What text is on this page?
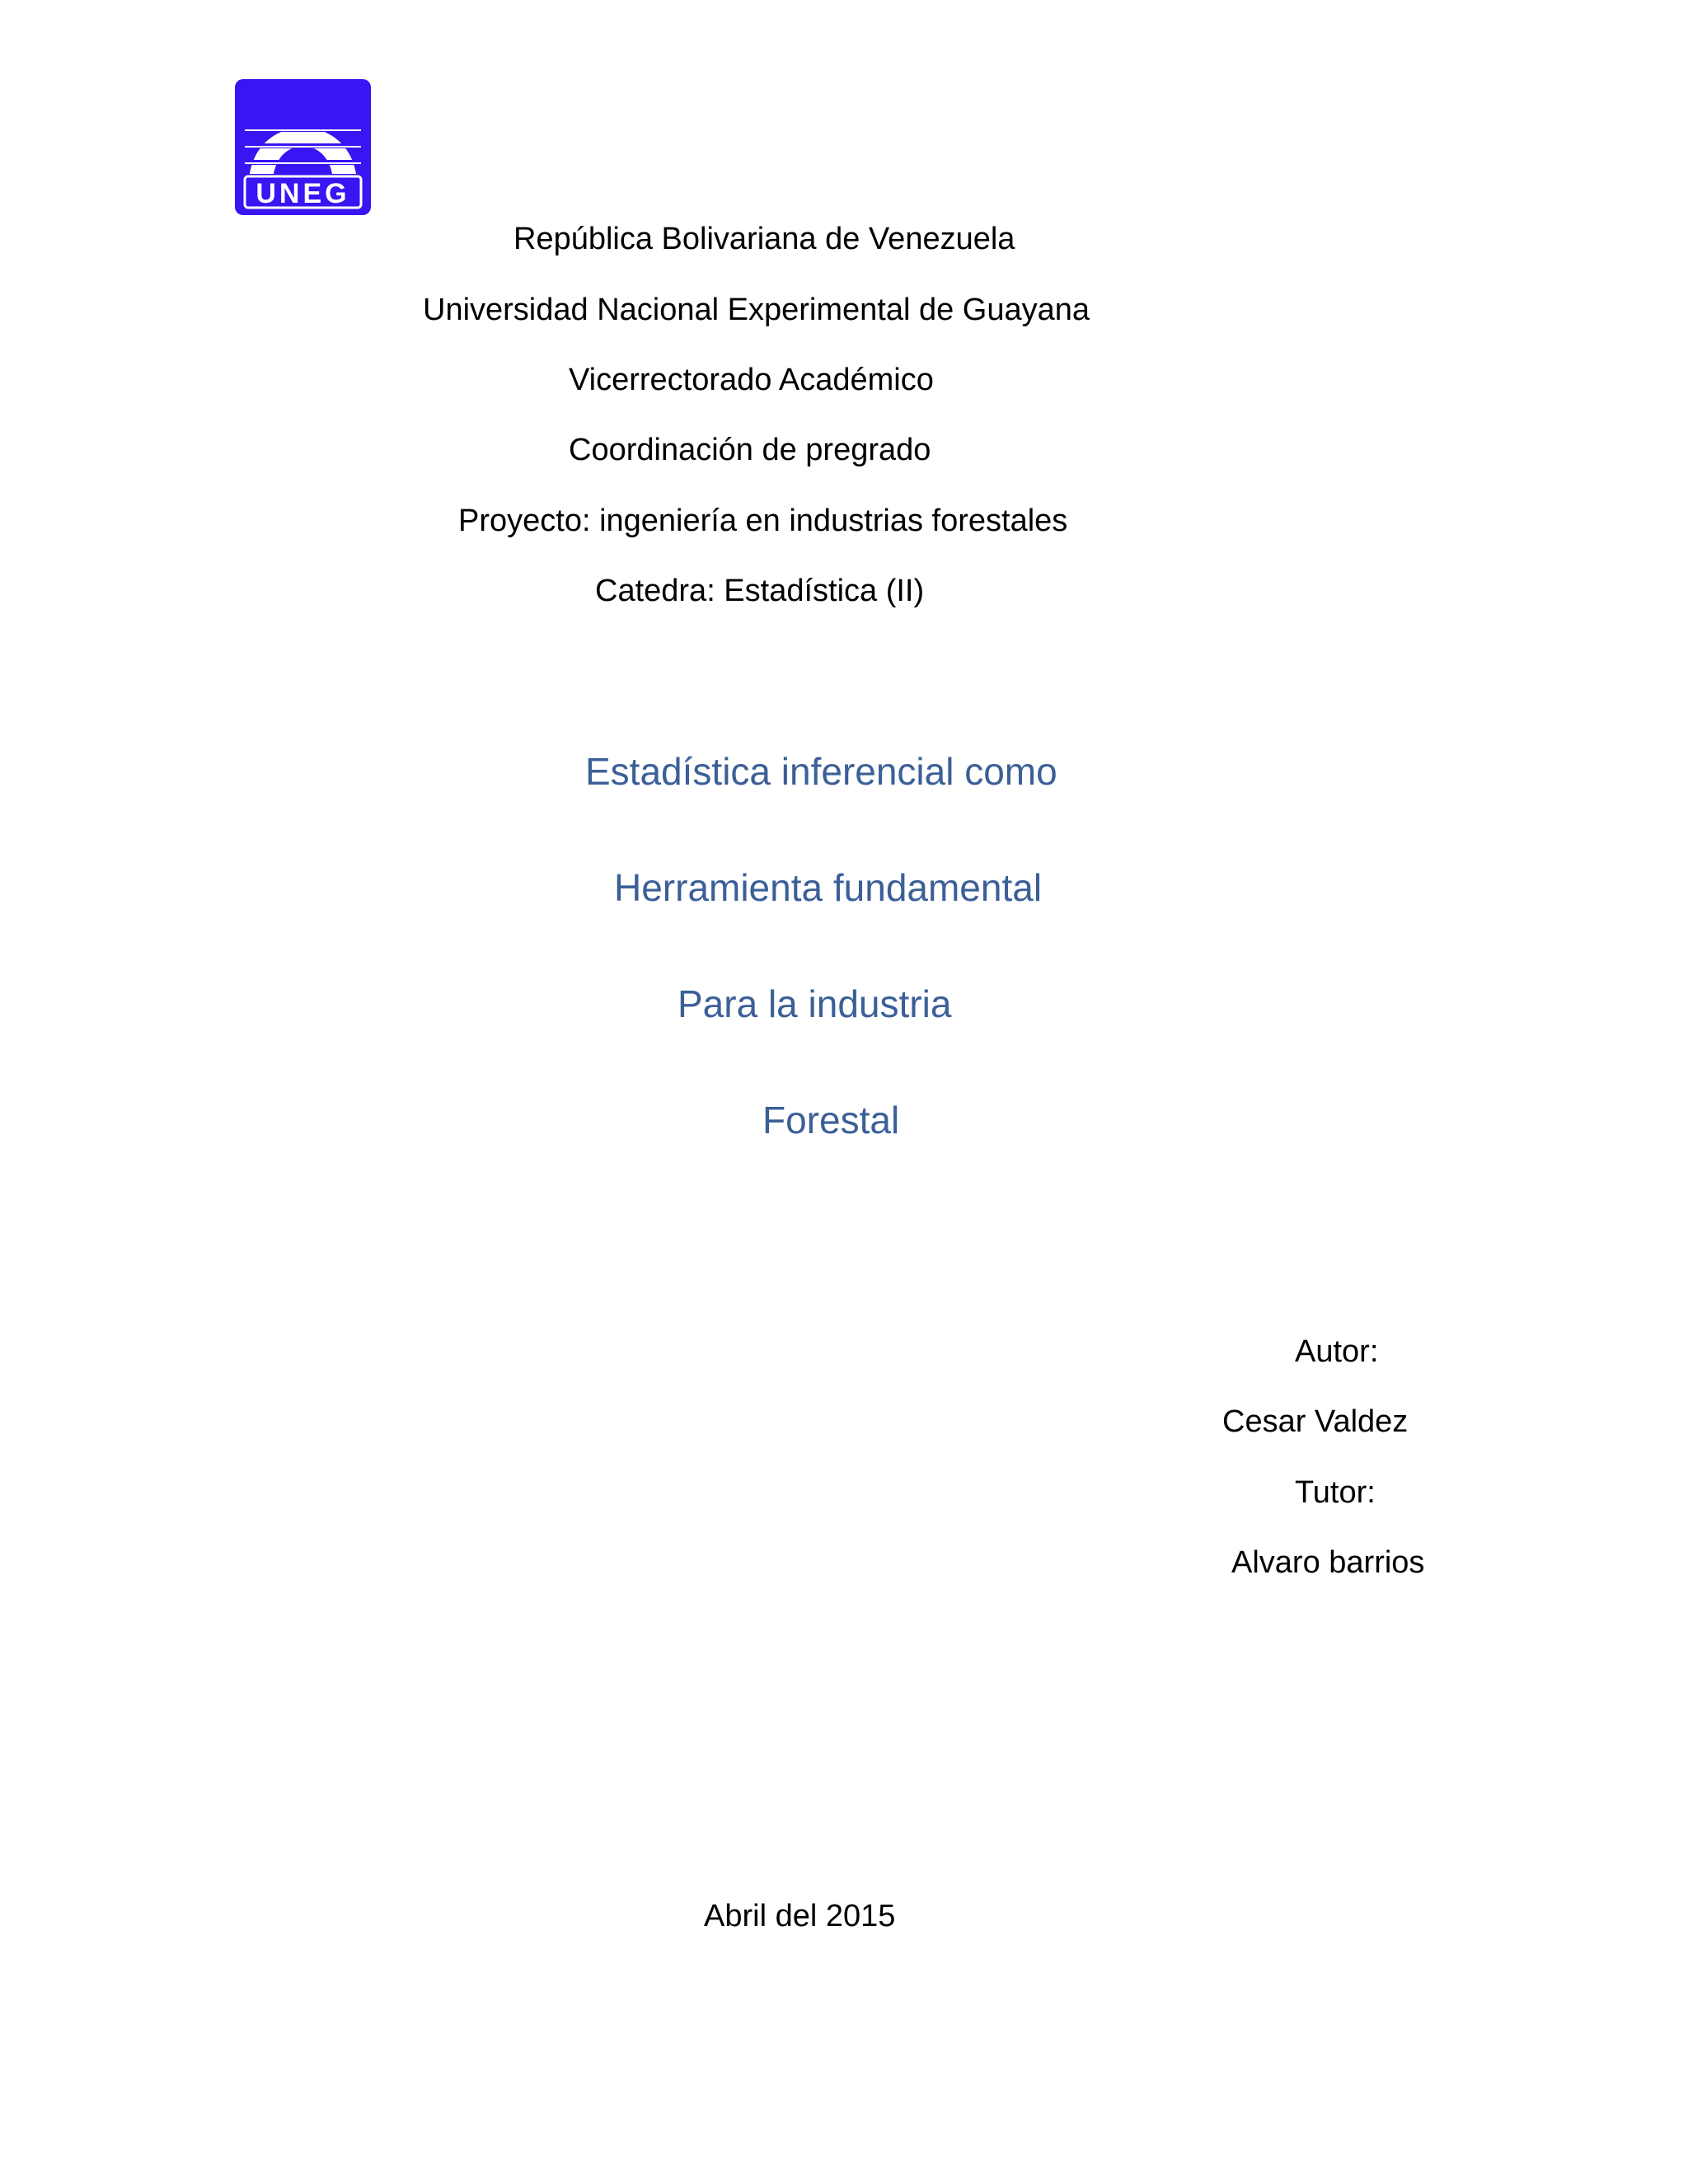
UNEG
República Bolivariana de Venezuela
Universidad Nacional Experimental de Guayana
Vicerrectorado Académico
Coordinación de pregrado
Proyecto: ingeniería en industrias forestales
Catedra: Estadística (II)
Estadística inferencial como
Herramienta fundamental
Para la industria
Forestal
Autor:
Cesar Valdez
Tutor:
Alvaro barrios
Abril del 2015
